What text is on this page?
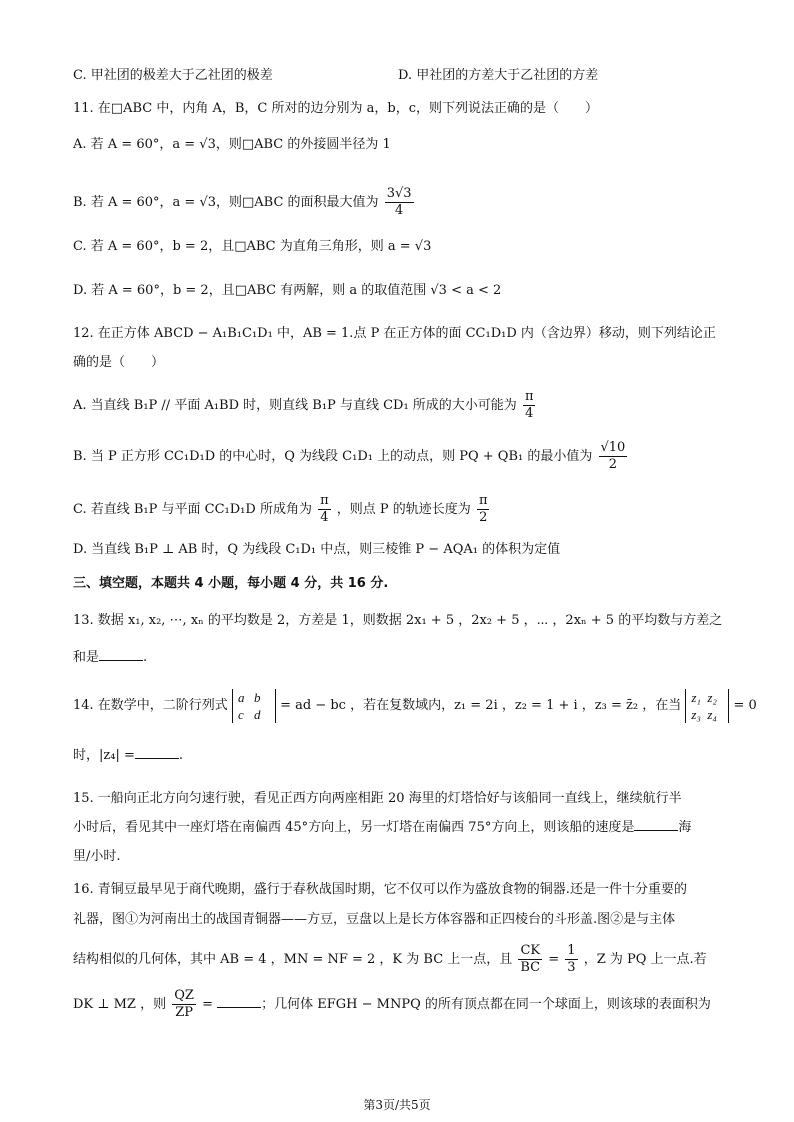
C. 甲社团的极差大于乙社团的极差	D. 甲社团的方差大于乙社团的方差
11. 在□ABC 中，内角 A，B，C 所对的边分别为 a，b，c，则下列说法正确的是（　　）
A. 若 A = 60°，a = √3，则□ABC 的外接圆半径为 1
B. 若 A = 60°，a = √3，则□ABC 的面积最大值为 $\frac{3√3}{4}$
C. 若 A = 60°，b = 2，且□ABC 为直角三角形，则 a = √3
D. 若 A = 60°，b = 2，且□ABC 有两解，则 a 的取值范围 √3 < a < 2
12. 在正方体 ABCD − A₁B₁C₁D₁ 中，AB = 1.点 P 在正方体的面 CC₁D₁D 内（含边界）移动，则下列结论正
确的是（　　）
A. 当直线 B₁P // 平面 A₁BD 时，则直线 B₁P 与直线 CD₁ 所成的大小可能为 $\frac{\pi}{4}$
B. 当 P 正方形 CC₁D₁D 的中心时，Q 为线段 C₁D₁ 上的动点，则 PQ + QB₁ 的最小值为 $\frac{√10}{2}$
C. 若直线 B₁P 与平面 CC₁D₁D 所成角为 $\frac{\pi}{4}$ ，则点 P 的轨迹长度为 $\frac{\pi}{2}$
D. 当直线 B₁P ⊥ AB 时，Q 为线段 C₁D₁ 中点，则三棱锥 P − AQA₁ 的体积为定值
三、填空题，本题共 4 小题，每小题 4 分，共 16 分.
13. 数据 x₁, x₂, ⋯, xₙ 的平均数是 2，方差是 1，则数据 2x₁ + 5 ，2x₂ + 5 ，⋯ ，2xₙ + 5 的平均数与方差之
和是	.
14. 在数学中，二阶行列式 a b
c d = ad − bc ，若在复数域内，z₁ = 2i ，z₂ = 1 + i ，z₃ = z̄₂ ，在当 z₁ z₂
z₃ z₄ = 0
时，|z₄| =	.
15. 一船向正北方向匀速行驶，看见正西方向两座相距 20 海里的灯塔恰好与该船同一直线上，继续航行半
小时后，看见其中一座灯塔在南偏西 45°方向上，另一灯塔在南偏西 75°方向上，则该船的速度是	海
里/小时.
16. 青铜豆最早见于商代晚期，盛行于春秋战国时期，它不仅可以作为盛放食物的铜器.还是一件十分重要的
礼器，图①为河南出土的战国青铜器——方豆，豆盘以上是长方体容器和正四棱台的斗形盖.图②是与主体
结构相似的几何体，其中 AB = 4 ，MN = NF = 2 ，K 为 BC 上一点，且 $\frac{CK}{BC} = \frac{1}{3}$ ，Z 为 PQ 上一点.若
DK ⊥ MZ ，则 $\frac{QZ}{ZP}$ =	；几何体 EFGH − MNPQ 的所有顶点都在同一个球面上，则该球的表面积为
第3页/共5页
